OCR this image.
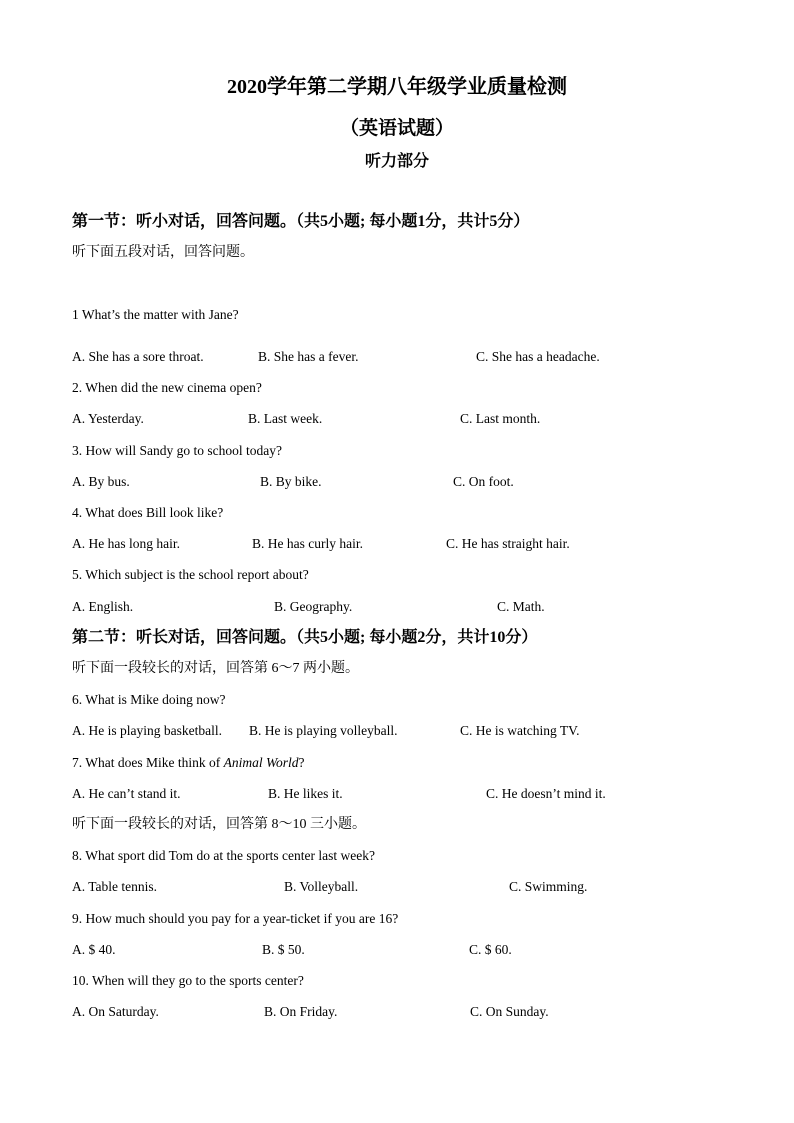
2020学年第二学期八年级学业质量检测
（英语试题）
听力部分
第一节：听小对话，回答问题。（共5小题; 每小题1分，共计5分）
听下面五段对话，回答问题。
1 What’s the matter with Jane?
A. She has a sore throat.	B. She has a fever.	C. She has a headache.
2. When did the new cinema open?
A. Yesterday.	B. Last week.	C. Last month.
3. How will Sandy go to school today?
A. By bus.	B. By bike.	C. On foot.
4. What does Bill look like?
A. He has long hair.	B. He has curly hair.	C. He has straight hair.
5. Which subject is the school report about?
A. English.	B. Geography.	C. Math.
第二节：听长对话，回答问题。（共5小题; 每小题2分，共计10分）
听下面一段较长的对话，回答第 6～7 两小题。
6. What is Mike doing now?
A. He is playing basketball. B. He is playing volleyball.	C. He is watching TV.
7. What does Mike think of Animal World?
A. He can’t stand it.	B. He likes it.	C. He doesn’t mind it.
听下面一段较长的对话，回答第 8～10 三小题。
8. What sport did Tom do at the sports center last week?
A. Table tennis.	B. Volleyball.	C. Swimming.
9. How much should you pay for a year-ticket if you are 16?
A. $ 40.	B. $ 50.	C. $ 60.
10. When will they go to the sports center?
A. On Saturday.	B. On Friday.	C. On Sunday.
